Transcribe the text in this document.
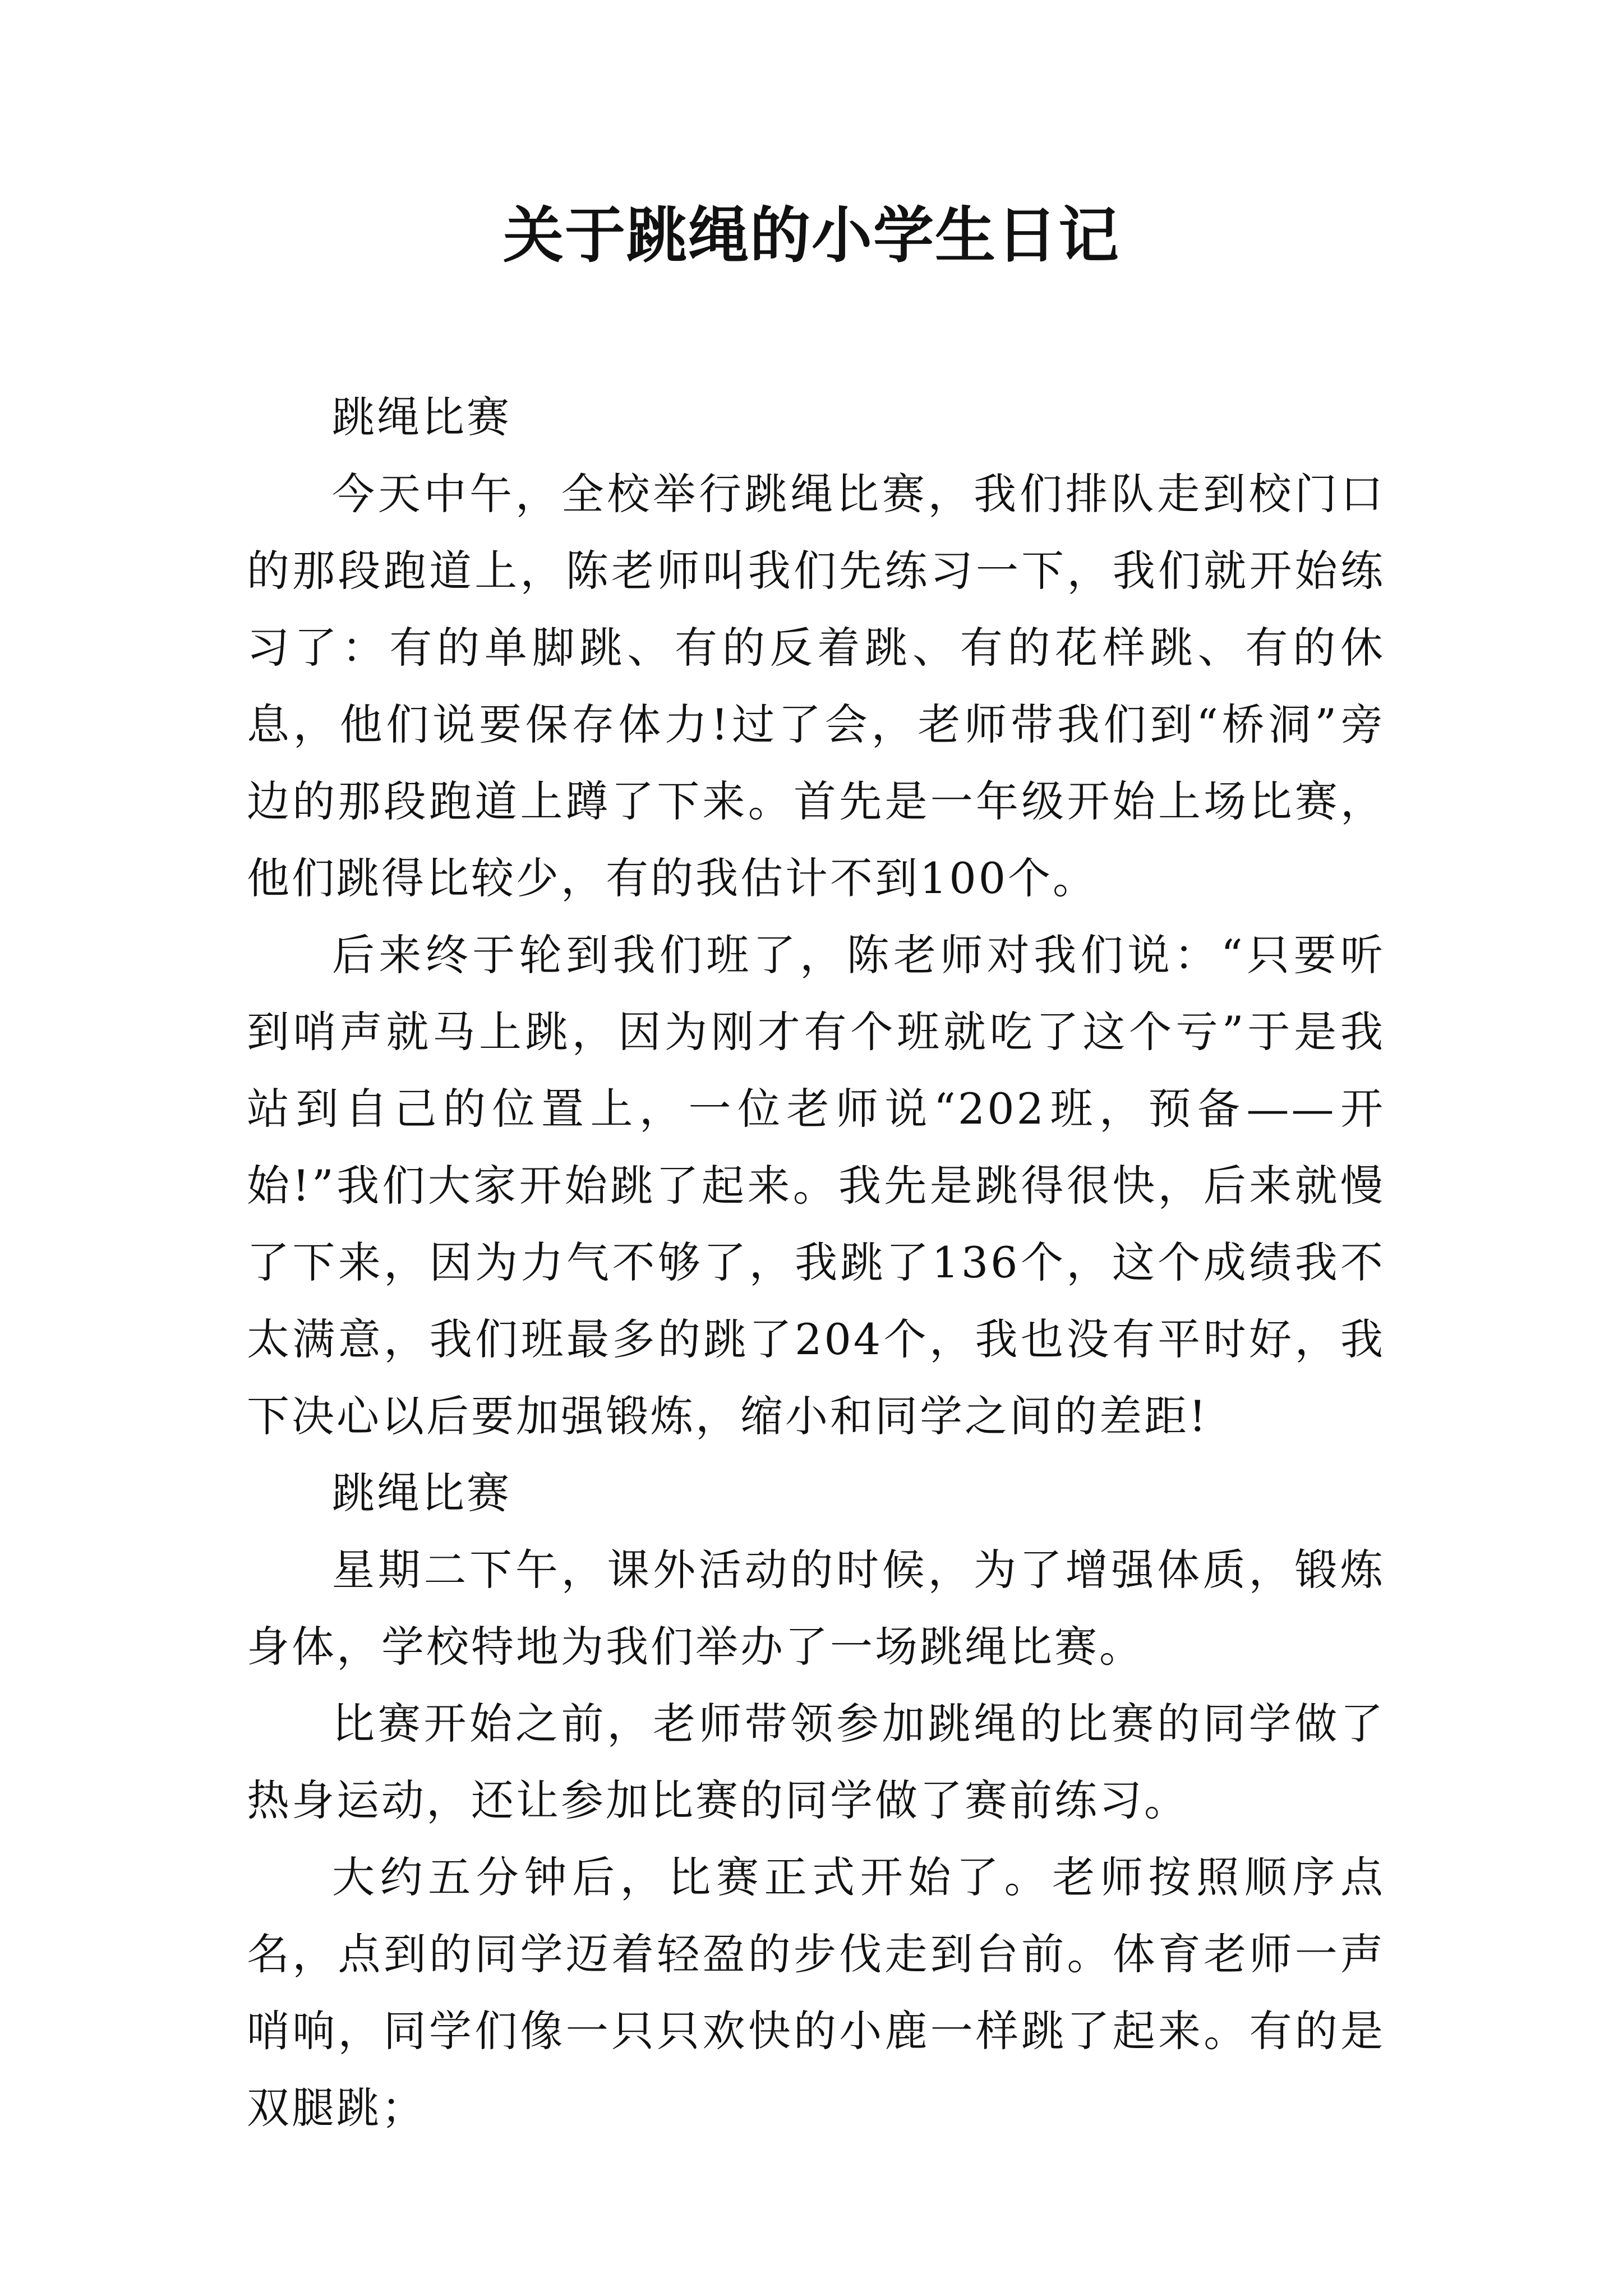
关于跳绳的小学生日记

跳绳比赛

今天中午，全校举行跳绳比赛，我们排队走到校门口的那段跑道上，陈老师叫我们先练习一下，我们就开始练习了：有的单脚跳、有的反着跳、有的花样跳、有的休息，他们说要保存体力!过了会，老师带我们到“桥洞”旁边的那段跑道上蹲了下来。首先是一年级开始上场比赛，他们跳得比较少，有的我估计不到100个。

后来终于轮到我们班了，陈老师对我们说：“只要听到哨声就马上跳，因为刚才有个班就吃了这个亏”于是我站到自己的位置上，一位老师说“202班，预备——开始!”我们大家开始跳了起来。我先是跳得很快，后来就慢了下来，因为力气不够了，我跳了136个，这个成绩我不太满意，我们班最多的跳了204个，我也没有平时好，我下决心以后要加强锻炼，缩小和同学之间的差距!

跳绳比赛

星期二下午，课外活动的时候，为了增强体质，锻炼身体，学校特地为我们举办了一场跳绳比赛。

比赛开始之前，老师带领参加跳绳的比赛的同学做了热身运动，还让参加比赛的同学做了赛前练习。

大约五分钟后，比赛正式开始了。老师按照顺序点名，点到的同学迈着轻盈的步伐走到台前。体育老师一声哨响，同学们像一只只欢快的小鹿一样跳了起来。有的是双腿跳；
